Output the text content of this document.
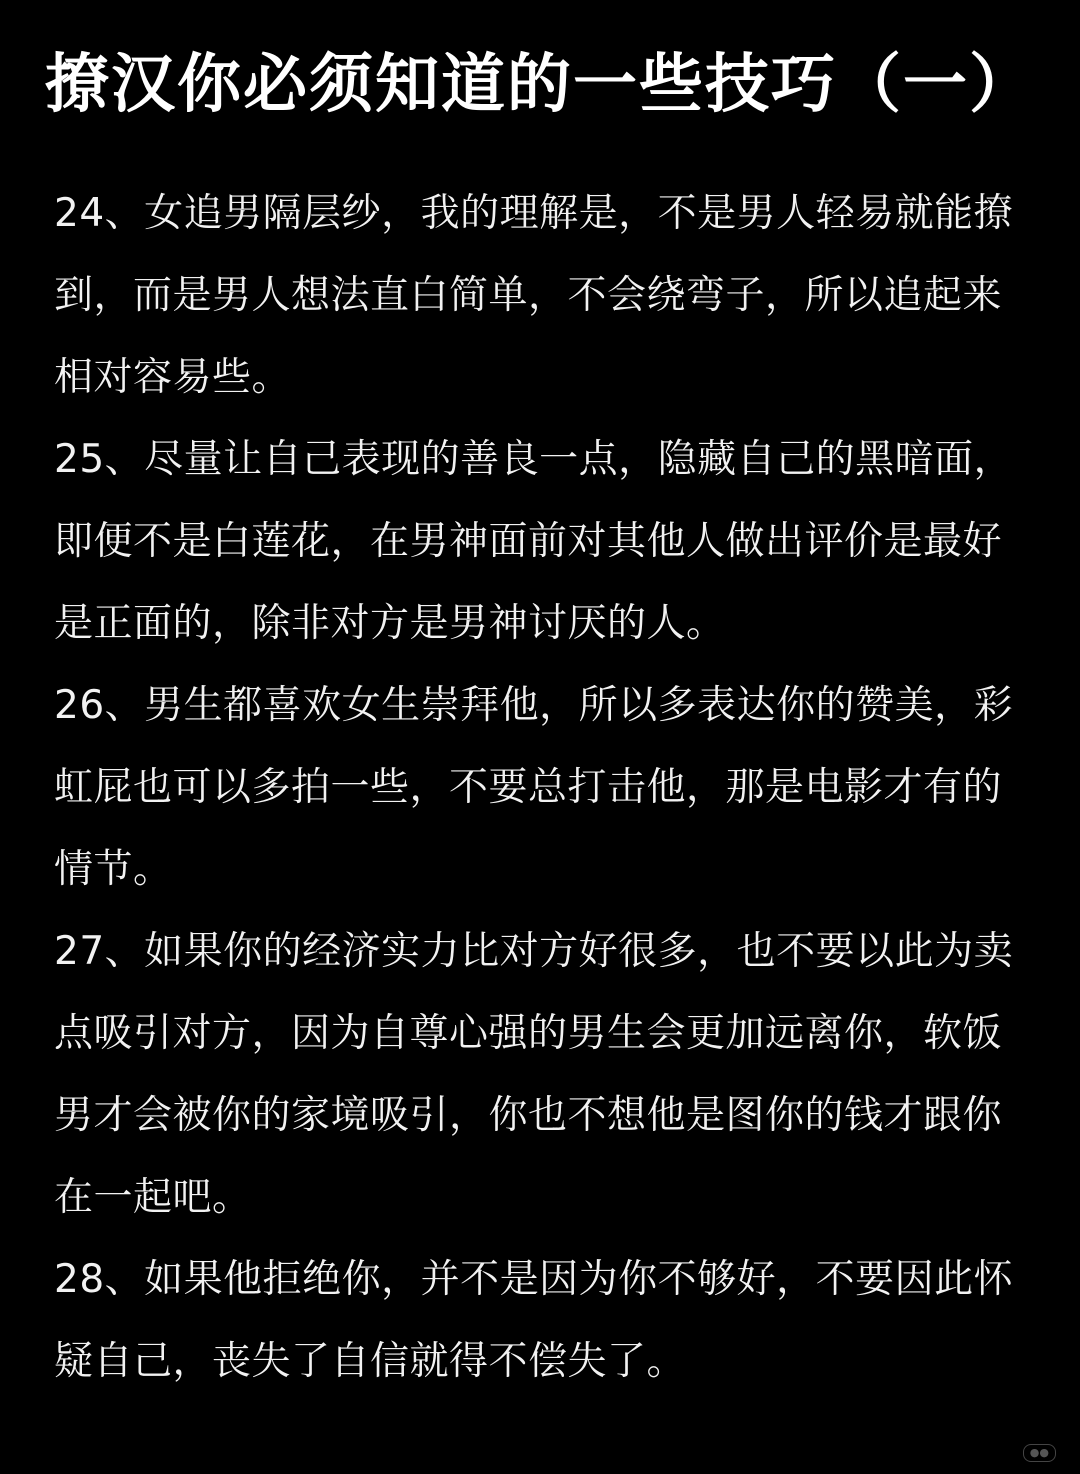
撩汉你必须知道的一些技巧（一）

24、女追男隔层纱，我的理解是，不是男人轻易就能撩到，而是男人想法直白简单，不会绕弯子，所以追起来相对容易些。

25、尽量让自己表现的善良一点，隐藏自己的黑暗面，即便不是白莲花，在男神面前对其他人做出评价是最好是正面的，除非对方是男神讨厌的人。

26、男生都喜欢女生崇拜他，所以多表达你的赞美，彩虹屁也可以多拍一些，不要总打击他，那是电影才有的情节。

27、如果你的经济实力比对方好很多，也不要以此为卖点吸引对方，因为自尊心强的男生会更加远离你，软饭男才会被你的家境吸引，你也不想他是图你的钱才跟你在一起吧。

28、如果他拒绝你，并不是因为你不够好，不要因此怀疑自己，丧失了自信就得不偿失了。

●●
